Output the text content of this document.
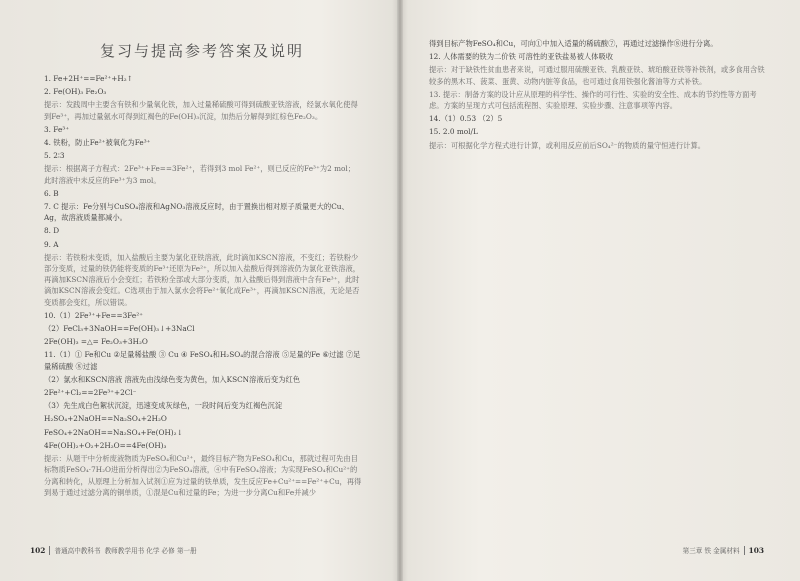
复习与提高参考答案及说明
1. Fe+2H⁺==Fe²⁺+H₂↑
2. Fe(OH)₃ Fe₂O₃
提示：发践周中主要含有铁和少量氧化铁，加入过量稀硫酸可得到硫酸亚铁溶液，经氯水氧化使得到Fe³⁺，再加过量氨水可得到红褐色的Fe(OH)₃沉淀，加热后分解得到红棕色Fe₂O₃。
3. Fe³⁺
4. 铁粉，防止Fe²⁺被氧化为Fe³⁺
5. 2∶3
提示：根据离子方程式：2Fe³⁺+Fe==3Fe²⁺，若得到3 mol Fe²⁺，则已反应的Fe³⁺为2 mol；此时溶液中未反应的Fe³⁺为3 mol。
6. B
7. C 提示：Fe分别与CuSO₄溶液和AgNO₃溶液反应时，由于置换出相对原子质量更大的Cu、Ag，故溶液质量都减小。
8. D
9. A
提示：若铁粉未变质，加入盐酸后主要为氯化亚铁溶液，此时滴加KSCN溶液，不变红；若铁粉少部分变质，过量的铁仍能将变质的Fe³⁺还原为Fe²⁺，所以加入盐酸后得到溶液仍为氯化亚铁溶液，再滴加KSCN溶液后小会变红；若铁粉全部或大部分变质，加入盐酸后得到溶液中含有Fe³⁺，此时滴加KSCN溶液会变红。C选项由于加入氯水会将Fe²⁺氧化成Fe³⁺，再滴加KSCN溶液，无论是否变质都会变红，所以错误。
10.（1）2Fe³⁺+Fe==3Fe²⁺
（2）FeCl₃+3NaOH==Fe(OH)₃↓+3NaCl
2Fe(OH)₃ =△= Fe₂O₃+3H₂O
11.（1）① Fe和Cu ②足量稀盐酸 ③ Cu ④ FeSO₄和H₂SO₄的混合溶液 ⑤足量的Fe ⑥过滤 ⑦足量稀硫酸 ⑧过滤
（2）氯水和KSCN溶液 溶液先由浅绿色变为黄色，加入KSCN溶液后变为红色
2Fe²⁺+Cl₂==2Fe³⁺+2Cl⁻
（3）先生成白色絮状沉淀，迅速变成灰绿色，一段时间后变为红褐色沉淀
H₂SO₄+2NaOH==Na₂SO₄+2H₂O
FeSO₄+2NaOH==Na₂SO₄+Fe(OH)₂↓
4Fe(OH)₂+O₂+2H₂O==4Fe(OH)₃
提示：从题干中分析废液物质为FeSO₄和Cu²⁺，最终目标产物为FeSO₄和Cu，那就过程可先由目标物质FeSO₄·7H₂O进而分析得出②为FeSO₄溶液，④中有FeSO₄溶液；为实现FeSO₄和Cu²⁺的分离和转化，从原理上分析加入试剂①应为过量的铁单质，发生反应Fe+Cu²⁺==Fe²⁺+Cu，再得到易于通过过滤分离的铜单质，①混是Cu和过量的Fe；为进一步分离Cu和Fe并减少
102 普通高中教科书 教师教学用书 化学 必修 第一册
得到目标产物FeSO₄和Cu，可向①中加入适量的稀硫酸⑦，再通过过滤操作⑧进行分离。
12. 人体需要的铁为二价铁 可溶性的亚铁盐易被人体吸收
提示：对于缺铁性贫血患者来说，可通过服用硫酸亚铁、乳酸亚铁、琥珀酸亚铁等补铁剂，或多食用含铁较多的黑木耳、菠菜、蛋黄、动物内脏等食品，也可通过食用铁强化酱油等方式补铁。
13. 提示：制备方案的设计应从原理的科学性、操作的可行性、实验的安全性、成本的节约性等方面考虑。方案的呈现方式可包括流程图、实验原理、实验步骤、注意事项等内容。
14.（1）0.53 （2）5
15. 2.0 mol/L
提示：可根据化学方程式进行计算，或利用反应前后SO₄²⁻的物质的量守恒进行计算。
第三章 铁 金属材料 103
